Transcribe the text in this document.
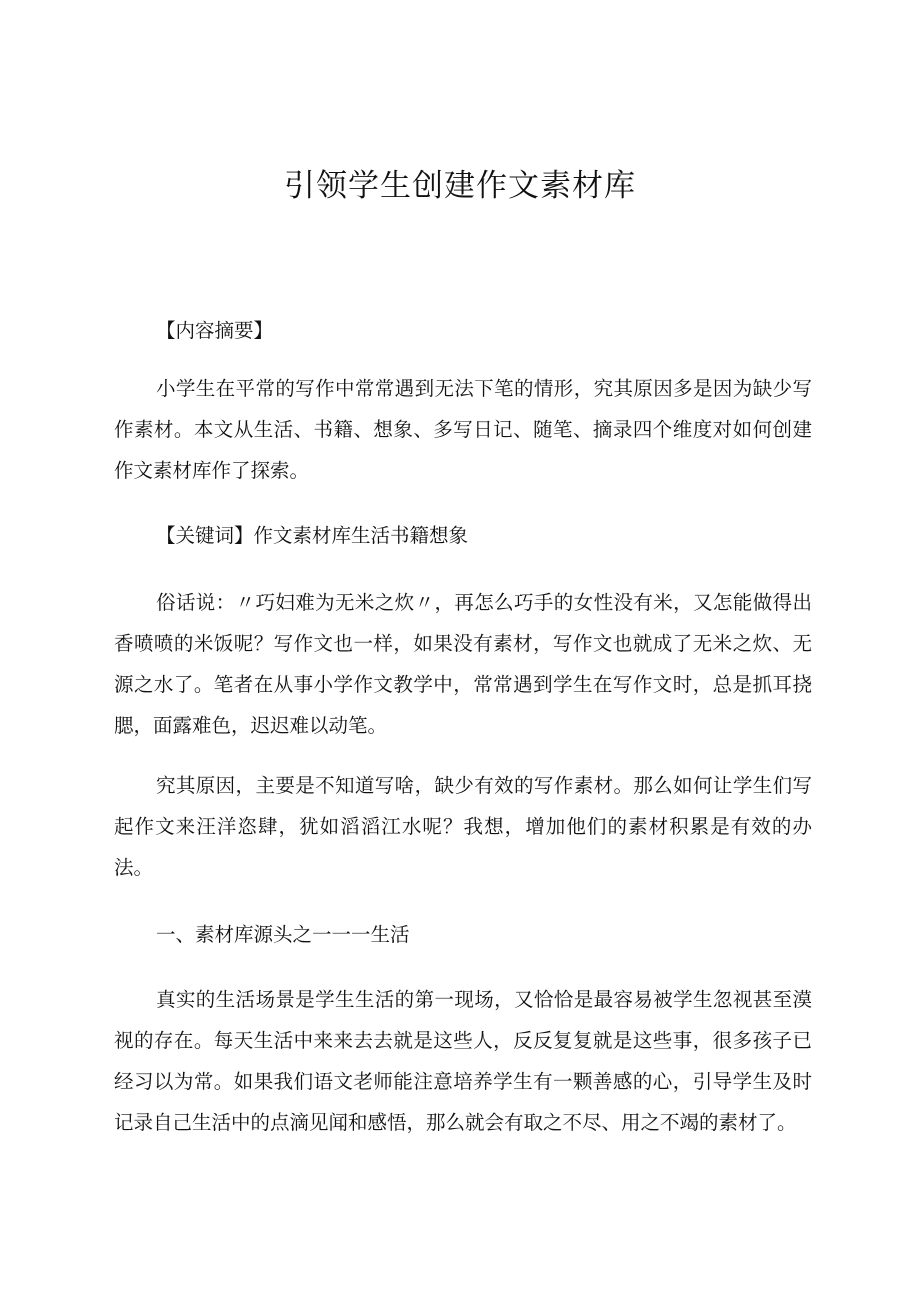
引领学生创建作文素材库

【内容摘要】

小学生在平常的写作中常常遇到无法下笔的情形，究其原因多是因为缺少写作素材。本文从生活、书籍、想象、多写日记、随笔、摘录四个维度对如何创建作文素材库作了探索。

【关键词】作文素材库生活书籍想象

俗话说：〃巧妇难为无米之炊〃，再怎么巧手的女性没有米，又怎能做得出香喷喷的米饭呢？写作文也一样，如果没有素材，写作文也就成了无米之炊、无源之水了。笔者在从事小学作文教学中，常常遇到学生在写作文时，总是抓耳挠腮，面露难色，迟迟难以动笔。

究其原因，主要是不知道写啥，缺少有效的写作素材。那么如何让学生们写起作文来汪洋恣肆，犹如滔滔江水呢？我想，增加他们的素材积累是有效的办法。

一、素材库源头之一一一生活

真实的生活场景是学生生活的第一现场，又恰恰是最容易被学生忽视甚至漠视的存在。每天生活中来来去去就是这些人，反反复复就是这些事，很多孩子已经习以为常。如果我们语文老师能注意培养学生有一颗善感的心，引导学生及时记录自己生活中的点滴见闻和感悟，那么就会有取之不尽、用之不竭的素材了。
